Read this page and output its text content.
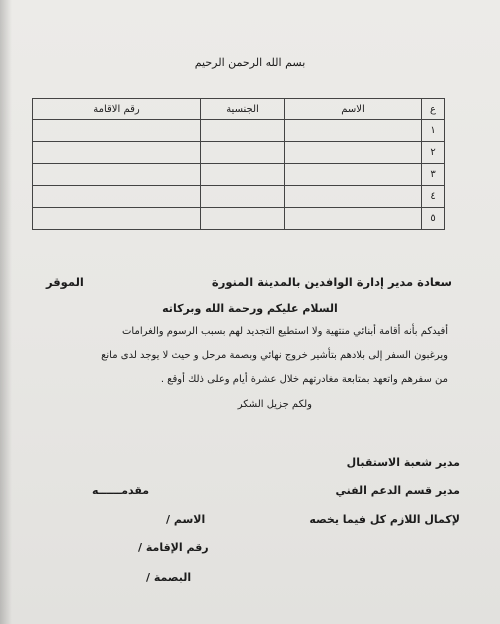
بسم الله الرحمن الرحيم
ع	الاسم	الجنسية	رقم الاقامة
١			
٢			
٣			
٤			
٥			
سعادة مدير إدارة الوافدين بالمدينة المنورة
الموقر
السلام عليكم ورحمة الله وبركاته
أفيدكم بأنه أقامة أبنائي منتهية ولا استطيع التجديد لهم بسبب الرسوم والغرامات
ويرغبون السفر إلى بلادهم بتأشير خروج نهائي وبصمة مرحل و حيث لا يوجد لدى مانع
من سفرهم واتعهد بمتابعة مغادرتهم خلال عشرة أيام وعلى ذلك أوقع .
ولكم جزيل الشكر
مدير شعبة الاستقبال
مدير قسم الدعم الفني
مقدمــــــه
لإكمال اللازم كل فيما يخصه
الاسم /
رقم الإقامة /
البصمة /
